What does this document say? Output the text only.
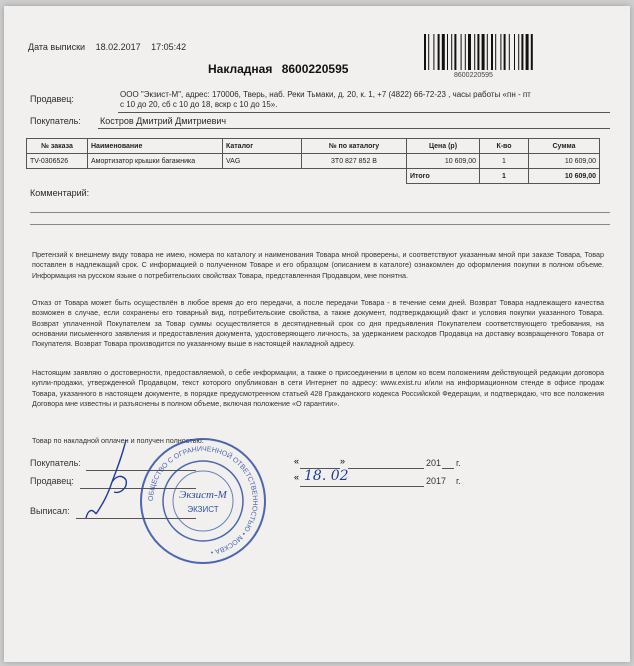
Дата выписки 18.02.2017 17:05:42
8600220595
Накладная 8600220595
Продавец:	ООО "Экзист-М", адрес: 170006, Тверь, наб. Реки Тьмаки, д. 20, к. 1, +7 (4822) 66-72-23 , часы работы «пн - пт
с 10 до 20, сб с 10 до 18, вскр с 10 до 15».
Покупатель: Костров Дмитрий Дмитриевич
№ заказа	Наименование	Каталог	№ по каталогу	Цена (р)	К-во	Сумма
TV-0306526	Амортизатор крышки багажника	VAG	3T0 827 852 B	10 609,00	1	10 609,00
				Итого	1	10 609,00
Комментарий:

Претензий к внешнему виду товара не имею, номера по каталогу и наименования Товара мной проверены, и соответствуют указанным мной при заказе Товара, Товар поставлен в надлежащий срок. С информацией о полученном Товаре и его образцом (описанием в каталоге) ознакомлен до оформления покупки в полном объеме. Информация на русском языке о потребительских свойствах Товара, представленная Продавцом, мне понятна.

Отказ от Товара может быть осуществлён в любое время до его передачи, а после передачи Товара - в течение семи дней. Возврат Товара надлежащего качества возможен в случае, если сохранены его товарный вид, потребительские свойства, а также документ, подтверждающий факт и условия покупки указанного Товара. Возврат уплаченной Покупателем за Товар суммы осуществляется в десятидневный срок со дня предъявления Покупателем соответствующего требования, на основании письменного заявления и предоставления документа, удостоверяющего личность, за удержанием расходов Продавца на доставку возвращенного Товара от Покупателя. Возврат Товара производится по указанному выше в настоящей накладной адресу.

Настоящим заявляю о достоверности, предоставляемой, о себе информации, а также о присоединении в целом ко всем положениям действующей редакции договора купли-продажи, утвержденной Продавцом, текст которого опубликован в сети Интернет по адресу: www.exist.ru и/или на информационном стенде в офисе продаж Товара, указанного в настоящем документе, в порядке предусмотренном статьей 428 Гражданского кодекса Российской Федерации, и подтверждаю, что все положения Договора мне известны и разъяснены в полном объеме, включая положение «О гарантии».

Товар по накладной оплачен и получен полностью.

Покупатель:
Продавец:
Выписал:
«	»	201 г.
« 18. 02	2017 г.
ОБЩЕСТВО С ОГРАНИЧЕННОЙ ОТВЕТСТВЕННОСТЬЮ • МОСКВА •
Экзист-М
ЭКЗИСТ
